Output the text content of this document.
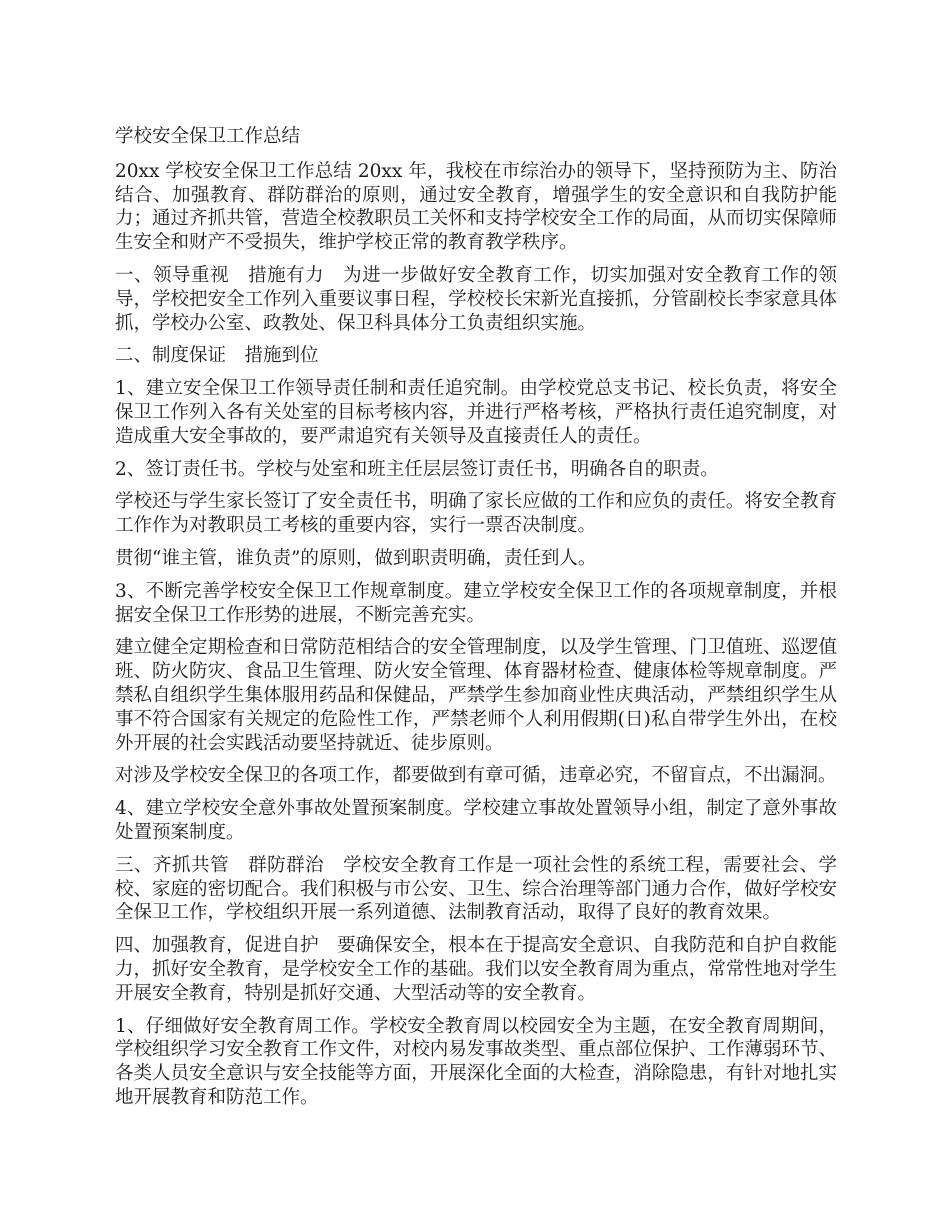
学校安全保卫工作总结

20xx 学校安全保卫工作总结 20xx 年，我校在市综治办的领导下，坚持预防为主、防治结合、加强教育、群防群治的原则，通过安全教育，增强学生的安全意识和自我防护能力；通过齐抓共管，营造全校教职员工关怀和支持学校安全工作的局面，从而切实保障师生安全和财产不受损失，维护学校正常的教育教学秩序。

一、领导重视　措施有力　为进一步做好安全教育工作，切实加强对安全教育工作的领导，学校把安全工作列入重要议事日程，学校校长宋新光直接抓，分管副校长李家意具体抓，学校办公室、政教处、保卫科具体分工负责组织实施。

二、制度保证　措施到位

1、建立安全保卫工作领导责任制和责任追究制。由学校党总支书记、校长负责，将安全保卫工作列入各有关处室的目标考核内容，并进行严格考核，严格执行责任追究制度，对造成重大安全事故的，要严肃追究有关领导及直接责任人的责任。

2、签订责任书。学校与处室和班主任层层签订责任书，明确各自的职责。

学校还与学生家长签订了安全责任书，明确了家长应做的工作和应负的责任。将安全教育工作作为对教职员工考核的重要内容，实行一票否决制度。

贯彻“谁主管，谁负责”的原则，做到职责明确，责任到人。

3、不断完善学校安全保卫工作规章制度。建立学校安全保卫工作的各项规章制度，并根据安全保卫工作形势的进展，不断完善充实。

建立健全定期检查和日常防范相结合的安全管理制度，以及学生管理、门卫值班、巡逻值班、防火防灾、食品卫生管理、防火安全管理、体育器材检查、健康体检等规章制度。严禁私自组织学生集体服用药品和保健品，严禁学生参加商业性庆典活动，严禁组织学生从事不符合国家有关规定的危险性工作，严禁老师个人利用假期(日)私自带学生外出，在校外开展的社会实践活动要坚持就近、徒步原则。

对涉及学校安全保卫的各项工作，都要做到有章可循，违章必究，不留盲点，不出漏洞。

4、建立学校安全意外事故处置预案制度。学校建立事故处置领导小组，制定了意外事故处置预案制度。

三、齐抓共管　群防群治　学校安全教育工作是一项社会性的系统工程，需要社会、学校、家庭的密切配合。我们积极与市公安、卫生、综合治理等部门通力合作，做好学校安全保卫工作，学校组织开展一系列道德、法制教育活动，取得了良好的教育效果。

四、加强教育，促进自护　要确保安全，根本在于提高安全意识、自我防范和自护自救能力，抓好安全教育，是学校安全工作的基础。我们以安全教育周为重点，常常性地对学生开展安全教育，特别是抓好交通、大型活动等的安全教育。

1、仔细做好安全教育周工作。学校安全教育周以校园安全为主题，在安全教育周期间，学校组织学习安全教育工作文件，对校内易发事故类型、重点部位保护、工作薄弱环节、各类人员安全意识与安全技能等方面，开展深化全面的大检查，消除隐患，有针对地扎实地开展教育和防范工作。
